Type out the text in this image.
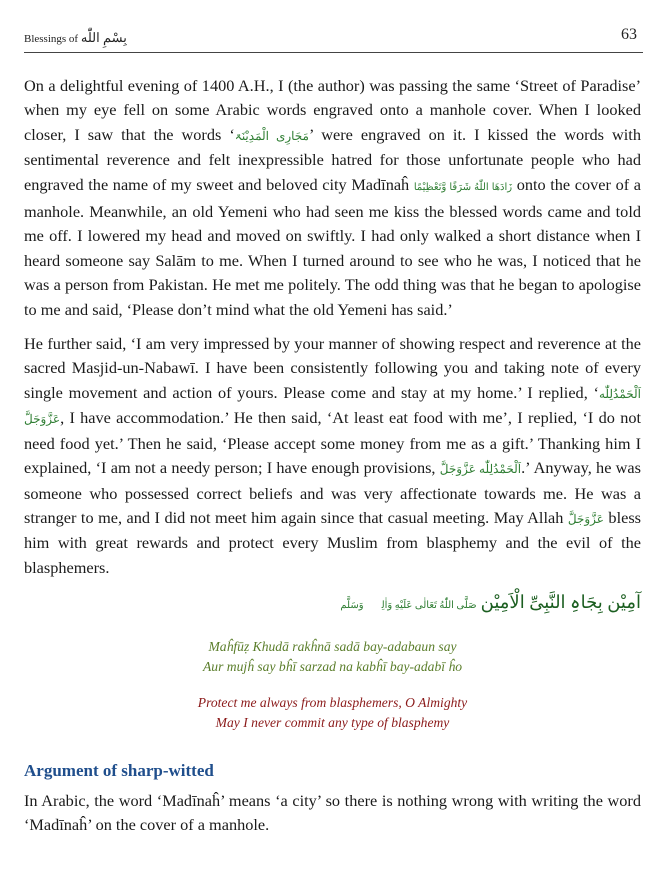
Blessings of بِسْمِ اللّٰه	63

On a delightful evening of 1400 A.H., I (the author) was passing the same ‘Street of Paradise’ when my eye fell on some Arabic words engraved onto a manhole cover. When I looked closer, I saw that the words ‘مَجَارِی الْمَدِیْنَۃ’ were engraved on it. I kissed the words with sentimental reverence and felt inexpressible hatred for those unfortunate people who had engraved the name of my sweet and beloved city Madīnaĥ زَادَهَا اللّٰهُ شَرَفًا وَّتَعْظِيْمًا onto the cover of a manhole. Meanwhile, an old Yemeni who had seen me kiss the blessed words came and told me off. I lowered my head and moved on swiftly. I had only walked a short distance when I heard someone say Salām to me. When I turned around to see who he was, I noticed that he was a person from Pakistan. He met me politely. The odd thing was that he began to apologise to me and said, ‘Please don’t mind what the old Yemeni has said.’

He further said, ‘I am very impressed by your manner of showing respect and reverence at the sacred Masjid-un-Nabawī. I have been consistently following you and taking note of every single movement and action of yours. Please come and stay at my home.’ I replied, ‘اَلْحَمْدُلِلّٰه عَزَّوَجَلَّ, I have accommodation.’ He then said, ‘At least eat food with me’, I replied, ‘I do not need food yet.’ Then he said, ‘Please accept some money from me as a gift.’ Thanking him I explained, ‘I am not a needy person; I have enough provisions, اَلْحَمْدُلِلّٰه عَزَّوَجَلَّ.’ Anyway, he was someone who possessed correct beliefs and was very affectionate towards me. He was a stranger to me, and I did not meet him again since that casual meeting. May Allah عَزَّوَجَلَّ bless him with great rewards and protect every Muslim from blasphemy and the evil of the blasphemers.

آمِیْن بِجَاہِ النَّبِیِّ الْاَمِیْن صَلَّى اللّٰهُ تَعَالٰى عَلَيْهِ وَاٰلِهٖ وَسَلَّم
Maĥfūẓ Khudā rakĥnā sadā bay-adabaun say
Aur mujĥ say bĥī sarzad na kabĥī bay-adabī ĥo
Protect me always from blasphemers, O Almighty
May I never commit any type of blasphemy
Argument of sharp-witted

In Arabic, the word ‘Madīnaĥ’ means ‘a city’ so there is nothing wrong with writing the word ‘Madīnaĥ’ on the cover of a manhole.
